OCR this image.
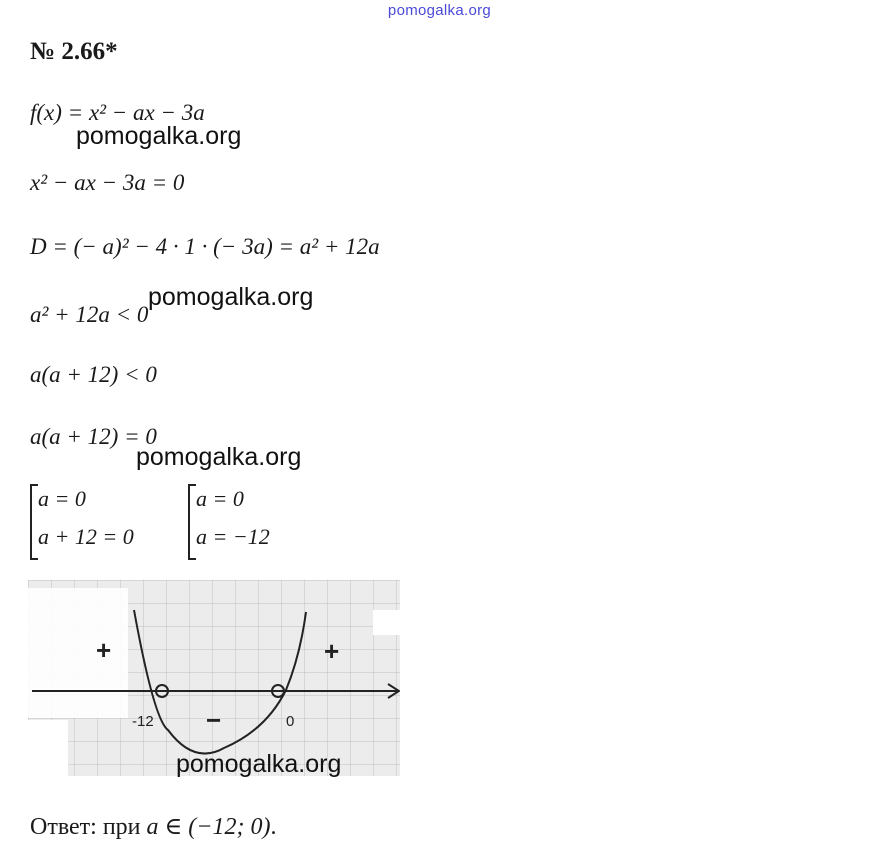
pomogalka.org
№ 2.66*
f(x) = x² − ax − 3a
pomogalka.org
x² − ax − 3a = 0
D = (− a)² − 4 · 1 · (− 3a) = a² + 12a
pomogalka.org
a² + 12a < 0
a(a + 12) < 0
a(a + 12) = 0
pomogalka.org
a = 0
a + 12 = 0
a = 0
a = −12
+	+
−
-12	0
pomogalka.org
Ответ: при a ∈ (−12; 0).
